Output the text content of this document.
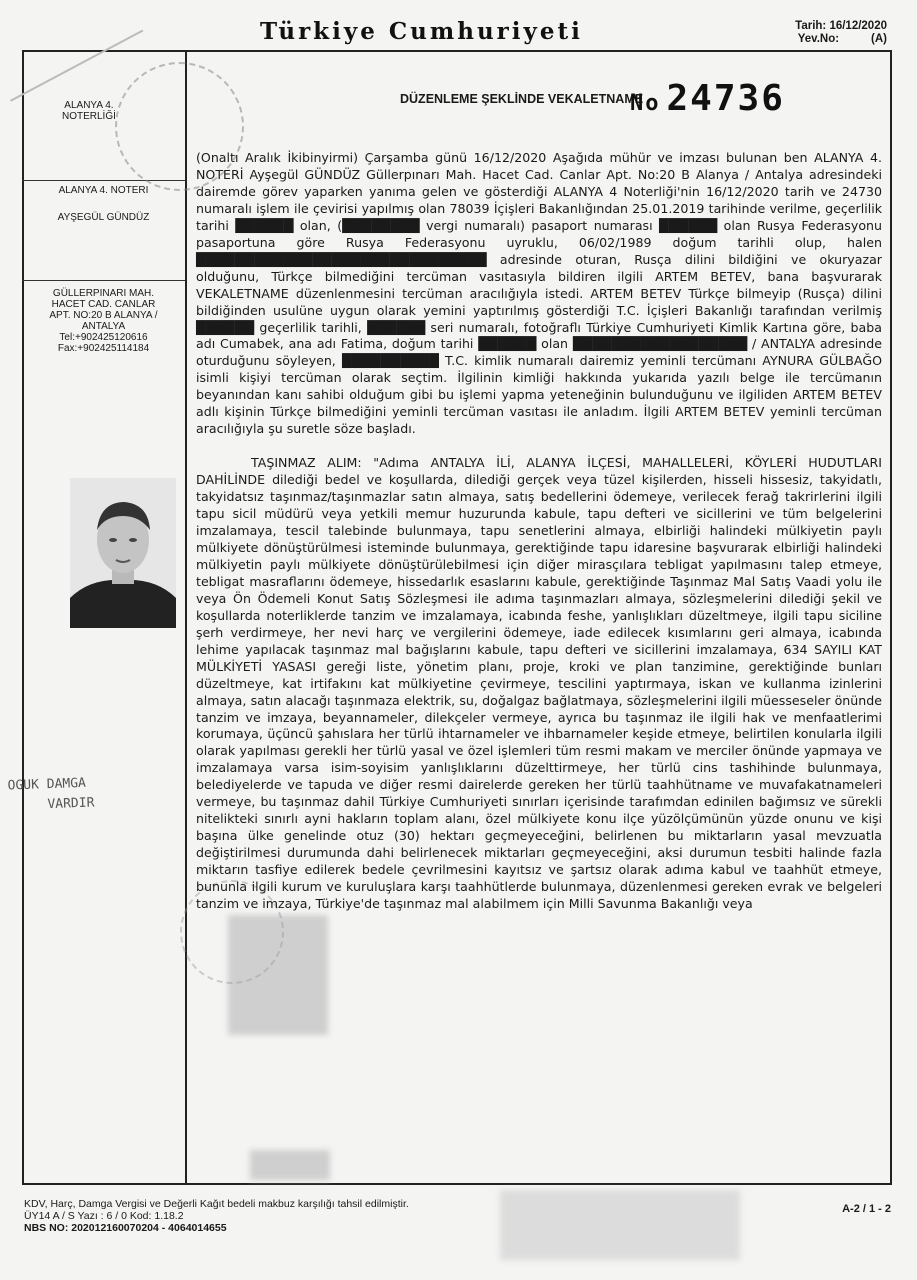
Türkiye Cumhuriyeti	Tarih: 16/12/2020
Yev.No:          (A)
ALANYA 4.
NOTERLİĞİ
ALANYA 4. NOTERI
AYŞEGÜL GÜNDÜZ
GÜLLERPINARI MAH.
HACET CAD. CANLAR
APT. NO:20 B ALANYA /
ANTALYA
Tel:+902425120616
Fax:+902425114184
OGUK DAMGA
VARDIR
DÜZENLEME ŞEKLİNDE VEKALETNAME
No 24736

(Onaltı Aralık İkibinyirmi) Çarşamba günü 16/12/2020 Aşağıda mühür ve imzası bulunan ben ALANYA 4. NOTERİ Ayşegül GÜNDÜZ Güllerpınarı Mah. Hacet Cad. Canlar Apt. No:20 B Alanya / Antalya adresindeki dairemde görev yaparken yanıma gelen ve gösterdiği ALANYA 4 Noterliği'nin 16/12/2020 tarih ve 24730 numaralı işlem ile çevirisi yapılmış olan 78039 İçişleri Bakanlığından 25.01.2019 tarihinde verilme, geçerlilik tarihi ██████ olan, (████████ vergi numaralı) pasaport numarası ██████ olan Rusya Federasyonu pasaportuna göre Rusya Federasyonu uyruklu, 06/02/1989 doğum tarihli olup, halen ██████████████████████████████ adresinde oturan, Rusça dilini bildiğini ve okuryazar olduğunu, Türkçe bilmediğini tercüman vasıtasıyla bildiren ilgili ARTEM BETEV, bana başvurarak VEKALETNAME düzenlenmesini tercüman aracılığıyla istedi. ARTEM BETEV Türkçe bilmeyip (Rusça) dilini bildiğinden usulüne uygun olarak yemini yaptırılmış gösterdiği T.C. İçişleri Bakanlığı tarafından verilmiş ██████ geçerlilik tarihli, ██████ seri numaralı, fotoğraflı Türkiye Cumhuriyeti Kimlik Kartına göre, baba adı Cumabek, ana adı Fatima, doğum tarihi ██████ olan ██████████████████ / ANTALYA adresinde oturduğunu söyleyen, ██████████ T.C. kimlik numaralı dairemiz yeminli tercümanı AYNURA GÜLBAĞO isimli kişiyi tercüman olarak seçtim. İlgilinin kimliği hakkında yukarıda yazılı belge ile tercümanın beyanından kanı sahibi olduğum gibi bu işlemi yapma yeteneğinin bulunduğunu ve ilgiliden ARTEM BETEV adlı kişinin Türkçe bilmediğini yeminli tercüman vasıtası ile anladım. İlgili ARTEM BETEV yeminli tercüman aracılığıyla şu suretle söze başladı.

TAŞINMAZ ALIM: "Adıma ANTALYA İLİ, ALANYA İLÇESİ, MAHALLELERİ, KÖYLERİ HUDUTLARI DAHİLİNDE dilediği bedel ve koşullarda, dilediği gerçek veya tüzel kişilerden, hisseli hissesiz, takyidatlı, takyidatsız taşınmaz/taşınmazlar satın almaya, satış bedellerini ödemeye, verilecek ferağ takrirlerini ilgili tapu sicil müdürü veya yetkili memur huzurunda kabule, tapu defteri ve sicillerini ve tüm belgelerini imzalamaya, tescil talebinde bulunmaya, tapu senetlerini almaya, elbirliği halindeki mülkiyetin paylı mülkiyete dönüştürülmesi isteminde bulunmaya, gerektiğinde tapu idaresine başvurarak elbirliği halindeki mülkiyetin paylı mülkiyete dönüştürülebilmesi için diğer mirasçılara tebligat yapılmasını talep etmeye, tebligat masraflarını ödemeye, hissedarlık esaslarını kabule, gerektiğinde Taşınmaz Mal Satış Vaadi yolu ile veya Ön Ödemeli Konut Satış Sözleşmesi ile adıma taşınmazları almaya, sözleşmelerini dilediği şekil ve koşullarda noterliklerde tanzim ve imzalamaya, icabında feshe, yanlışlıkları düzeltmeye, ilgili tapu siciline şerh verdirmeye, her nevi harç ve vergilerini ödemeye, iade edilecek kısımlarını geri almaya, icabında lehime yapılacak taşınmaz mal bağışlarını kabule, tapu defteri ve sicillerini imzalamaya, 634 SAYILI KAT MÜLKİYETİ YASASI gereği liste, yönetim planı, proje, kroki ve plan tanzimine, gerektiğinde bunları düzeltmeye, kat irtifakını kat mülkiyetine çevirmeye, tescilini yaptırmaya, iskan ve kullanma izinlerini almaya, satın alacağı taşınmaza elektrik, su, doğalgaz bağlatmaya, sözleşmelerini ilgili müesseseler önünde tanzim ve imzaya, beyannameler, dilekçeler vermeye, ayrıca bu taşınmaz ile ilgili hak ve menfaatlerimi korumaya, üçüncü şahıslara her türlü ihtarnameler ve ihbarnameler keşide etmeye, belirtilen konularla ilgili olarak yapılması gerekli her türlü yasal ve özel işlemleri tüm resmi makam ve merciler önünde yapmaya ve imzalamaya varsa isim-soyisim yanlışlıklarını düzelttirmeye, her türlü cins tashihinde bulunmaya, belediyelerde ve tapuda ve diğer resmi dairelerde gereken her türlü taahhütname ve muvafakatnameleri vermeye, bu taşınmaz dahil Türkiye Cumhuriyeti sınırları içerisinde tarafımdan edinilen bağımsız ve sürekli nitelikteki sınırlı ayni hakların toplam alanı, özel mülkiyete konu ilçe yüzölçümünün yüzde onunu ve kişi başına ülke genelinde otuz (30) hektarı geçmeyeceğini, belirlenen bu miktarların yasal mevzuatla değiştirilmesi durumunda dahi belirlenecek miktarları geçmeyeceğini, aksi durumun tesbiti halinde fazla miktarın tasfiye edilerek bedele çevrilmesini kayıtsız ve şartsız olarak adıma kabul ve taahhüt etmeye, bununla ilgili kurum ve kuruluşlara karşı taahhütlerde bulunmaya, düzenlenmesi gereken evrak ve belgeleri tanzim ve imzaya, Türkiye'de taşınmaz mal alabilmem için Milli Savunma Bakanlığı veya

KDV, Harç, Damga Vergisi ve Değerli Kağıt bedeli makbuz karşılığı tahsil edilmiştir.
ÜY14 A / S Yazı : 6 / 0 Kod: 1.18.2
NBS NO: 202012160070204 - 4064014655
A-2 / 1 - 2
